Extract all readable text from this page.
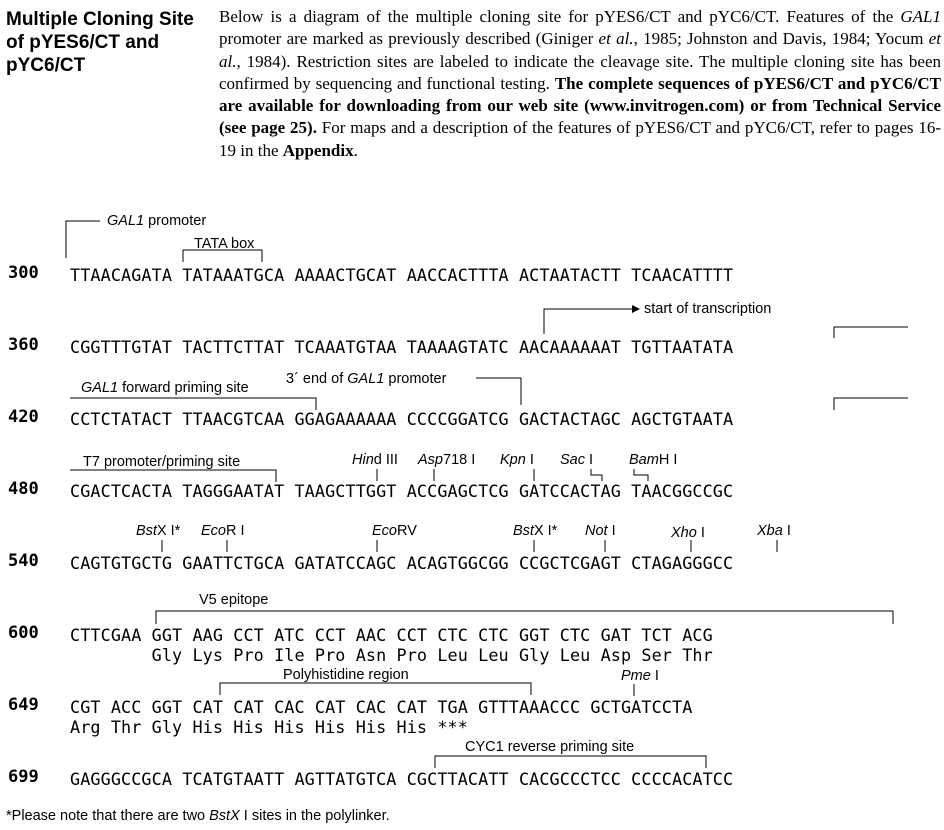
Multiple Cloning Site of pYES6/CT and pYC6/CT
Below is a diagram of the multiple cloning site for pYES6/CT and pYC6/CT. Features of the GAL1 promoter are marked as previously described (Giniger et al., 1985; Johnston and Davis, 1984; Yocum et al., 1984). Restriction sites are labeled to indicate the cleavage site. The multiple cloning site has been confirmed by sequencing and functional testing. The complete sequences of pYES6/CT and pYC6/CT are available for downloading from our web site (www.invitrogen.com) or from Technical Service (see page 25). For maps and a description of the features of pYES6/CT and pYC6/CT, refer to pages 16-19 in the Appendix.
GAL1 promoter
TATA box
start of transcription
GAL1 forward priming site
3´ end of GAL1 promoter
T7 promoter/priming site	Hind III Asp718 I Kpn I Sac I BamH I
BstX I* EcoR I	EcoRV	BstX I* Not I	Xho I	Xba I
V5 epitope
Polyhistidine region	Pme I
CYC1 reverse priming site
300 TTAACAGATA TATAAATGCA AAAACTGCAT AACCACTTTA ACTAATACTT TCAACATTTT
360 CGGTTTGTAT TACTTCTTAT TCAAATGTAA TAAAAGTATC AACAAAAAAT TGTTAATATA
420 CCTCTATACT TTAACGTCAA GGAGAAAAAA CCCCGGATCG GACTACTAGC AGCTGTAATA
480 CGACTCACTA TAGGGAATAT TAAGCTTGGT ACCGAGCTCG GATCCACTAG TAACGGCCGC
540 CAGTGTGCTG GAATTCTGCA GATATCCAGC ACAGTGGCGG CCGCTCGAGT CTAGAGGGCC
600 CTTCGAA GGT AAG CCT ATC CCT AAC CCT CTC CTC GGT CTC GAT TCT ACG
Gly Lys Pro Ile Pro Asn Pro Leu Leu Gly Leu Asp Ser Thr
649 CGT ACC GGT CAT CAT CAC CAT CAC CAT TGA GTTTAAACCC GCTGATCCTA
Arg Thr Gly His His His His His His ***
699 GAGGGCCGCA TCATGTAATT AGTTATGTCA CGCTTACATT CACGCCCTCC CCCCACATCC
*Please note that there are two BstX I sites in the polylinker.
